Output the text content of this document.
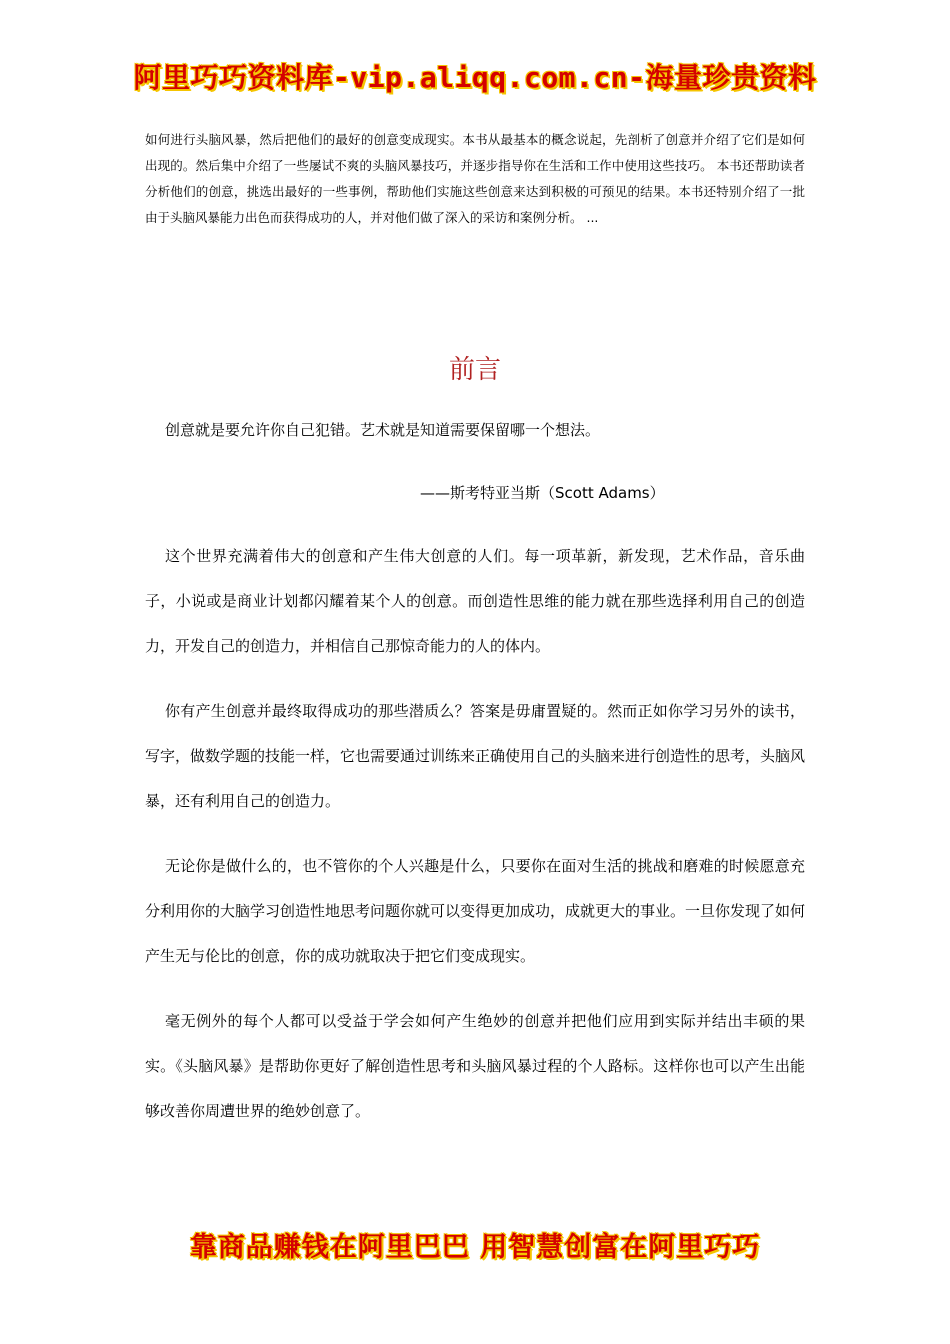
阿里巧巧资料库-vip.aliqq.com.cn-海量珍贵资料
如何进行头脑风暴，然后把他们的最好的创意变成现实。本书从最基本的概念说起，先剖析了创意并介绍了它们是如何出现的。然后集中介绍了一些屡试不爽的头脑风暴技巧，并逐步指导你在生活和工作中使用这些技巧。 本书还帮助读者分析他们的创意，挑选出最好的一些事例，帮助他们实施这些创意来达到积极的可预见的结果。本书还特别介绍了一批由于头脑风暴能力出色而获得成功的人，并对他们做了深入的采访和案例分析。 ...
前言
创意就是要允许你自己犯错。艺术就是知道需要保留哪一个想法。
——斯考特亚当斯（Scott Adams）

这个世界充满着伟大的创意和产生伟大创意的人们。每一项革新，新发现，艺术作品，音乐曲子，小说或是商业计划都闪耀着某个人的创意。而创造性思维的能力就在那些选择利用自己的创造力，开发自己的创造力，并相信自己那惊奇能力的人的体内。

你有产生创意并最终取得成功的那些潜质么？答案是毋庸置疑的。然而正如你学习另外的读书，写字，做数学题的技能一样，它也需要通过训练来正确使用自己的头脑来进行创造性的思考，头脑风暴，还有利用自己的创造力。

无论你是做什么的，也不管你的个人兴趣是什么，只要你在面对生活的挑战和磨难的时候愿意充分利用你的大脑学习创造性地思考问题你就可以变得更加成功，成就更大的事业。一旦你发现了如何产生无与伦比的创意，你的成功就取决于把它们变成现实。

毫无例外的每个人都可以受益于学会如何产生绝妙的创意并把他们应用到实际并结出丰硕的果实。《头脑风暴》是帮助你更好了解创造性思考和头脑风暴过程的个人路标。这样你也可以产生出能够改善你周遭世界的绝妙创意了。

靠商品赚钱在阿里巴巴 用智慧创富在阿里巧巧
